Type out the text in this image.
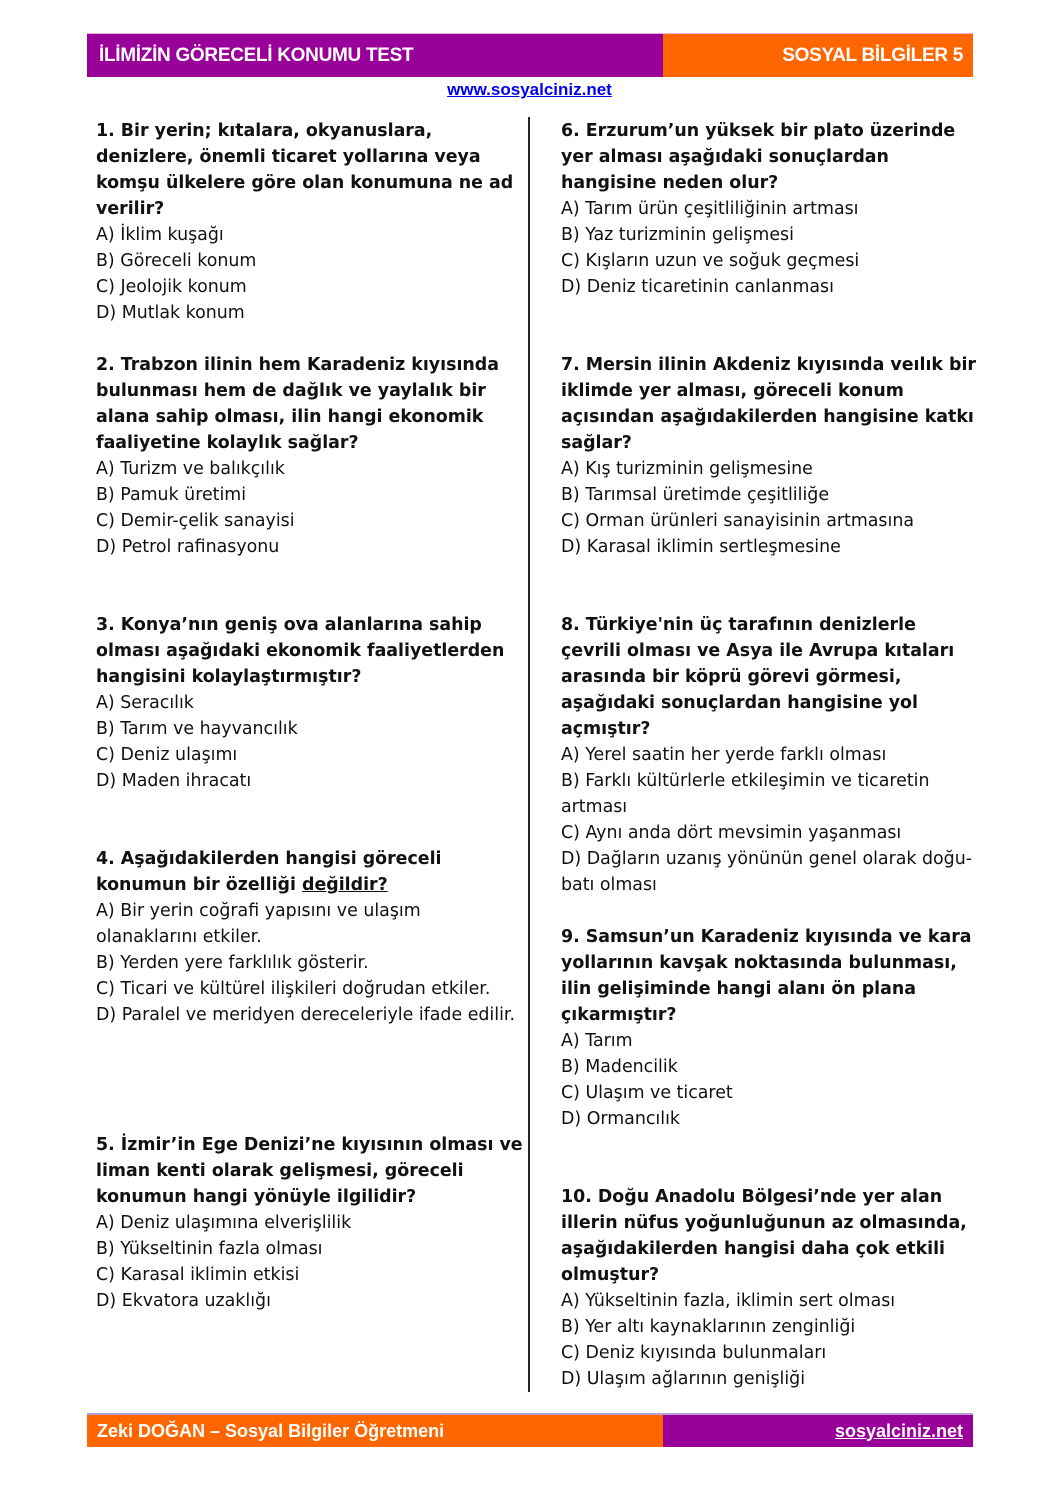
İLİMİZİN GÖRECELİ KONUMU TEST	SOSYAL BİLGİLER 5
www.sosyalciniz.net
1. Bir yerin; kıtalara, okyanuslara, denizlere, önemli ticaret yollarına veya komşu ülkelere göre olan konumuna ne ad verilir?
A) İklim kuşağı
B) Göreceli konum
C) Jeolojik konum
D) Mutlak konum
2. Trabzon ilinin hem Karadeniz kıyısında bulunması hem de dağlık ve yaylalık bir alana sahip olması, ilin hangi ekonomik faaliyetine kolaylık sağlar?
A) Turizm ve balıkçılık
B) Pamuk üretimi
C) Demir-çelik sanayisi
D) Petrol rafinasyonu
3. Konya’nın geniş ova alanlarına sahip olması aşağıdaki ekonomik faaliyetlerden hangisini kolaylaştırmıştır?
A) Seracılık
B) Tarım ve hayvancılık
C) Deniz ulaşımı
D) Maden ihracatı
4. Aşağıdakilerden hangisi göreceli konumun bir özelliği değildir?
A) Bir yerin coğrafi yapısını ve ulaşım olanaklarını etkiler.
B) Yerden yere farklılık gösterir.
C) Ticari ve kültürel ilişkileri doğrudan etkiler.
D) Paralel ve meridyen dereceleriyle ifade edilir.
5. İzmir’in Ege Denizi’ne kıyısının olması ve liman kenti olarak gelişmesi, göreceli konumun hangi yönüyle ilgilidir?
A) Deniz ulaşımına elverişlilik
B) Yükseltinin fazla olması
C) Karasal iklimin etkisi
D) Ekvatora uzaklığı
6. Erzurum’un yüksek bir plato üzerinde yer alması aşağıdaki sonuçlardan hangisine neden olur?
A) Tarım ürün çeşitliliğinin artması
B) Yaz turizminin gelişmesi
C) Kışların uzun ve soğuk geçmesi
D) Deniz ticaretinin canlanması
7. Mersin ilinin Akdeniz kıyısında veılık bir iklimde yer alması, göreceli konum açısından aşağıdakilerden hangisine katkı sağlar?
A) Kış turizminin gelişmesine
B) Tarımsal üretimde çeşitliliğe
C) Orman ürünleri sanayisinin artmasına
D) Karasal iklimin sertleşmesine
8. Türkiye'nin üç tarafının denizlerle çevrili olması ve Asya ile Avrupa kıtaları arasında bir köprü görevi görmesi, aşağıdaki sonuçlardan hangisine yol açmıştır?
A) Yerel saatin her yerde farklı olması
B) Farklı kültürlerle etkileşimin ve ticaretin artması
C) Aynı anda dört mevsimin yaşanması
D) Dağların uzanış yönünün genel olarak doğu-batı olması
9. Samsun’un Karadeniz kıyısında ve kara yollarının kavşak noktasında bulunması, ilin gelişiminde hangi alanı ön plana çıkarmıştır?
A) Tarım
B) Madencilik
C) Ulaşım ve ticaret
D) Ormancılık
10. Doğu Anadolu Bölgesi’nde yer alan illerin nüfus yoğunluğunun az olmasında, aşağıdakilerden hangisi daha çok etkili olmuştur?
A) Yükseltinin fazla, iklimin sert olması
B) Yer altı kaynaklarının zenginliği
C) Deniz kıyısında bulunmaları
D) Ulaşım ağlarının genişliği
Zeki DOĞAN – Sosyal Bilgiler Öğretmeni	sosyalciniz.net
